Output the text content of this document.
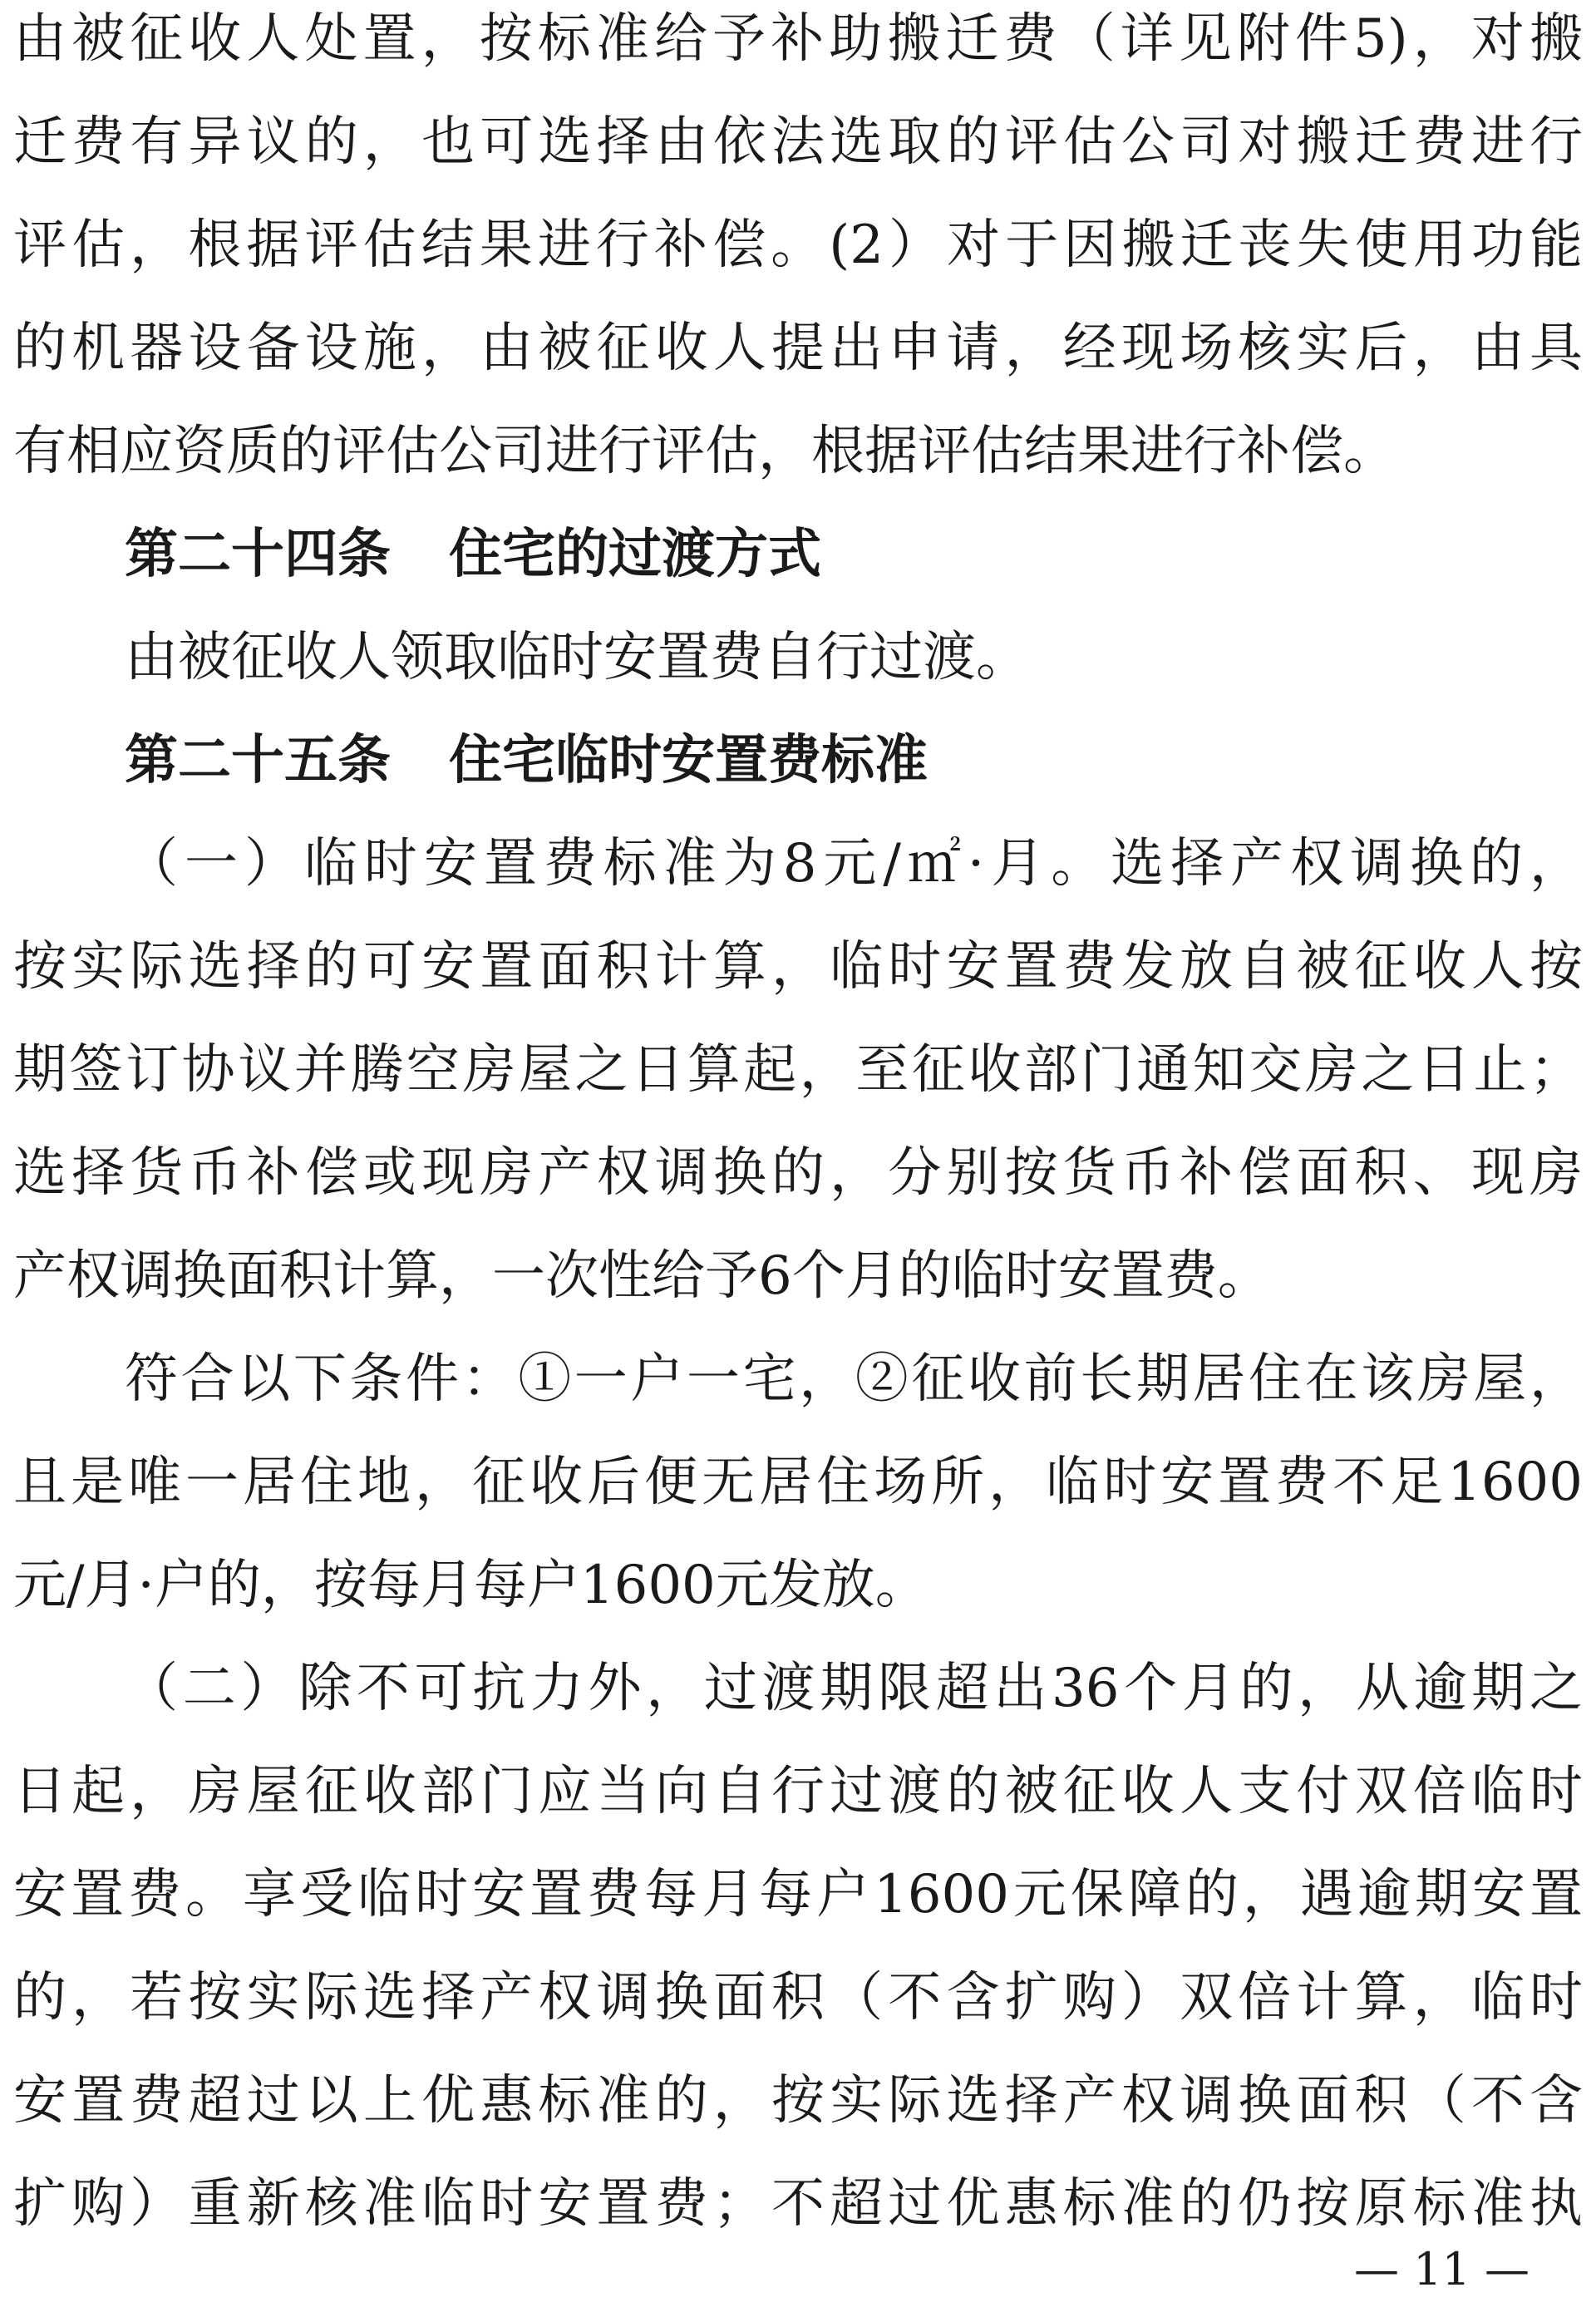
由被征收人处置，按标准给予补助搬迁费（详见附件5)，对搬
迁费有异议的，也可选择由依法选取的评估公司对搬迁费进行
评估，根据评估结果进行补偿。(2）对于因搬迁丧失使用功能
的机器设备设施，由被征收人提出申请，经现场核实后，由具
有相应资质的评估公司进行评估，根据评估结果进行补偿。
第二十四条 住宅的过渡方式
由被征收人领取临时安置费自行过渡。
第二十五条 住宅临时安置费标准
（一）临时安置费标准为8元/㎡·月。选择产权调换的，
按实际选择的可安置面积计算，临时安置费发放自被征收人按
期签订协议并腾空房屋之日算起，至征收部门通知交房之日止；
选择货币补偿或现房产权调换的，分别按货币补偿面积、现房
产权调换面积计算，一次性给予6个月的临时安置费。
符合以下条件：①一户一宅，②征收前长期居住在该房屋，
且是唯一居住地，征收后便无居住场所，临时安置费不足1600
元/月·户的，按每月每户1600元发放。
（二）除不可抗力外，过渡期限超出36个月的，从逾期之
日起，房屋征收部门应当向自行过渡的被征收人支付双倍临时
安置费。享受临时安置费每月每户1600元保障的，遇逾期安置
的，若按实际选择产权调换面积（不含扩购）双倍计算，临时
安置费超过以上优惠标准的，按实际选择产权调换面积（不含
扩购）重新核准临时安置费；不超过优惠标准的仍按原标准执
— 11 —
